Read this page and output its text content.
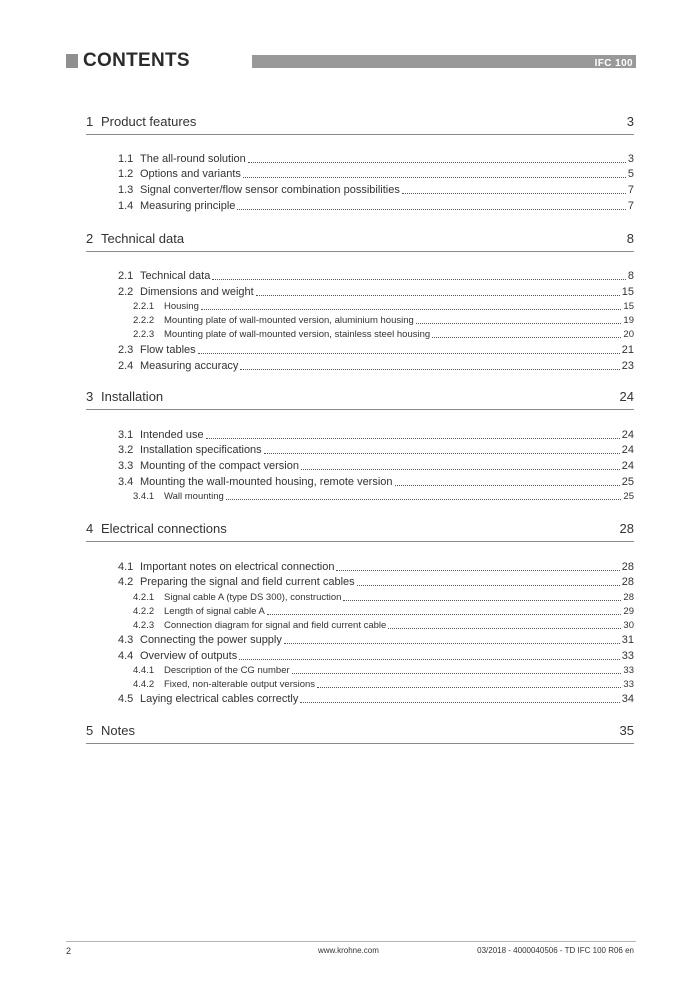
CONTENTS	IFC 100
1 Product features	3
1.1 The all-round solution	3
1.2 Options and variants	5
1.3 Signal converter/flow sensor combination possibilities	7
1.4 Measuring principle	7
2 Technical data	8
2.1 Technical data	8
2.2 Dimensions and weight	15
2.2.1	Housing	15
2.2.2	Mounting plate of wall-mounted version, aluminium housing	19
2.2.3	Mounting plate of wall-mounted version, stainless steel housing	20
2.3 Flow tables	21
2.4 Measuring accuracy	23
3 Installation	24
3.1 Intended use	24
3.2 Installation specifications	24
3.3 Mounting of the compact version	24
3.4 Mounting the wall-mounted housing, remote version	25
3.4.1	Wall mounting	25
4 Electrical connections	28
4.1 Important notes on electrical connection	28
4.2 Preparing the signal and field current cables	28
4.2.1	Signal cable A (type DS 300), construction	28
4.2.2	Length of signal cable A	29
4.2.3	Connection diagram for signal and field current cable	30
4.3 Connecting the power supply	31
4.4 Overview of outputs	33
4.4.1	Description of the CG number	33
4.4.2	Fixed, non-alterable output versions	33
4.5 Laying electrical cables correctly	34
5 Notes	35
2	www.krohne.com	03/2018 - 4000040506 - TD IFC 100 R06 en
